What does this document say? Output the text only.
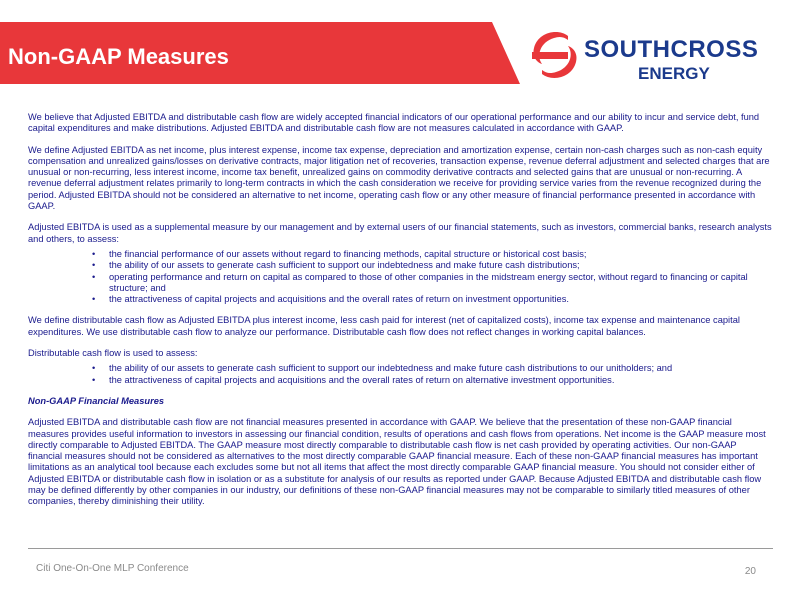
Non-GAAP Measures	SOUTHCROSS
ENERGY

We believe that Adjusted EBITDA and distributable cash flow are widely accepted financial indicators of our operational performance and our ability to incur and service debt, fund capital expenditures and make distributions. Adjusted EBITDA and distributable cash flow are not measures calculated in accordance with GAAP.

We define Adjusted EBITDA as net income, plus interest expense, income tax expense, depreciation and amortization expense, certain non-cash charges such as non-cash equity compensation and unrealized gains/losses on derivative contracts, major litigation net of recoveries, transaction expense, revenue deferral adjustment and selected charges that are unusual or non-recurring, less interest income, income tax benefit, unrealized gains on commodity derivative contracts and selected gains that are unusual or non-recurring. A revenue deferral adjustment relates primarily to long-term contracts in which the cash consideration we receive for providing service varies from the revenue recognized during the period. Adjusted EBITDA should not be considered an alternative to net income, operating cash flow or any other measure of financial performance presented in accordance with GAAP.

Adjusted EBITDA is used as a supplemental measure by our management and by external users of our financial statements, such as investors, commercial banks, research analysts and others, to assess:

• the financial performance of our assets without regard to financing methods, capital structure or historical cost basis;
• the ability of our assets to generate cash sufficient to support our indebtedness and make future cash distributions;
• operating performance and return on capital as compared to those of other companies in the midstream energy sector, without regard to financing or capital structure; and
• the attractiveness of capital projects and acquisitions and the overall rates of return on investment opportunities.

We define distributable cash flow as Adjusted EBITDA plus interest income, less cash paid for interest (net of capitalized costs), income tax expense and maintenance capital expenditures. We use distributable cash flow to analyze our performance. Distributable cash flow does not reflect changes in working capital balances.

Distributable cash flow is used to assess:

• the ability of our assets to generate cash sufficient to support our indebtedness and make future cash distributions to our unitholders; and
• the attractiveness of capital projects and acquisitions and the overall rates of return on alternative investment opportunities.

Non-GAAP Financial Measures

Adjusted EBITDA and distributable cash flow are not financial measures presented in accordance with GAAP. We believe that the presentation of these non-GAAP financial measures provides useful information to investors in assessing our financial condition, results of operations and cash flows from operations. Net income is the GAAP measure most directly comparable to Adjusted EBITDA. The GAAP measure most directly comparable to distributable cash flow is net cash provided by operating activities. Our non-GAAP financial measures should not be considered as alternatives to the most directly comparable GAAP financial measure. Each of these non-GAAP financial measures has important limitations as an analytical tool because each excludes some but not all items that affect the most directly comparable GAAP financial measure. You should not consider either of Adjusted EBITDA or distributable cash flow in isolation or as a substitute for analysis of our results as reported under GAAP. Because Adjusted EBITDA and distributable cash flow may be defined differently by other companies in our industry, our definitions of these non-GAAP financial measures may not be comparable to similarly titled measures of other companies, thereby diminishing their utility.

Citi One-On-One MLP Conference	20
